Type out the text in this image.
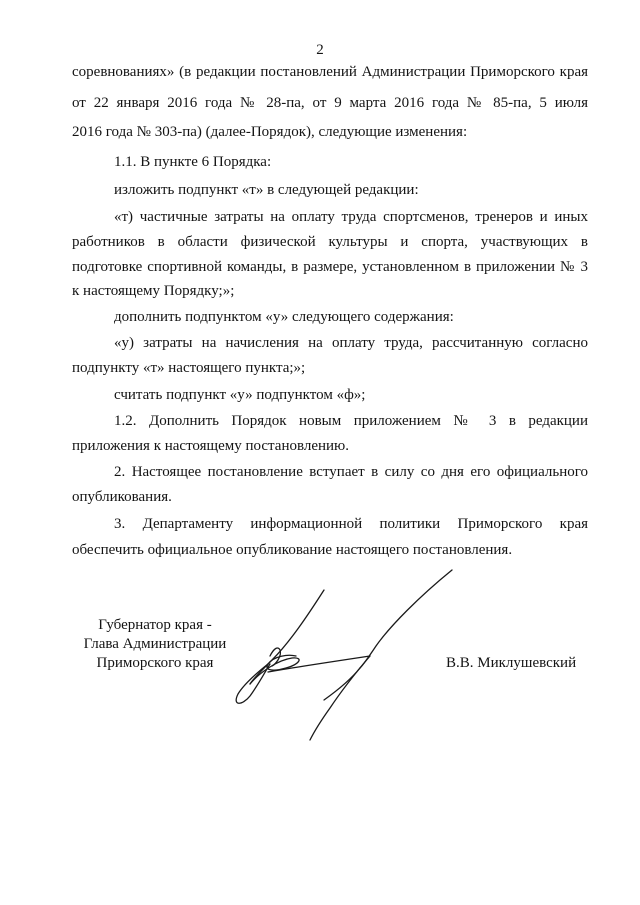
2
соревнованиях» (в редакции постановлений Администрации Приморского края
от 22 января 2016 года № 28-па, от 9 марта 2016 года № 85-па, 5 июля
2016 года № 303-па) (далее-Порядок), следующие изменения:
1.1. В пункте 6 Порядка:
изложить подпункт «т» в следующей редакции:
«т) частичные затраты на оплату труда спортсменов, тренеров и иных
работников в области физической культуры и спорта, участвующих в
подготовке спортивной команды, в размере, установленном в приложении № 3
к настоящему Порядку;»;
дополнить подпунктом «у» следующего содержания:
«у) затраты на начисления на оплату труда, рассчитанную согласно
подпункту «т» настоящего пункта;»;
считать подпункт «у» подпунктом «ф»;
1.2. Дополнить Порядок новым приложением № 3 в редакции
приложения к настоящему постановлению.
2. Настоящее постановление вступает в силу со дня его официального
опубликования.
3. Департаменту информационной политики Приморского края
обеспечить официальное опубликование настоящего постановления.
Губернатор края -
Глава Администрации
Приморского края	В.В. Миклушевский
